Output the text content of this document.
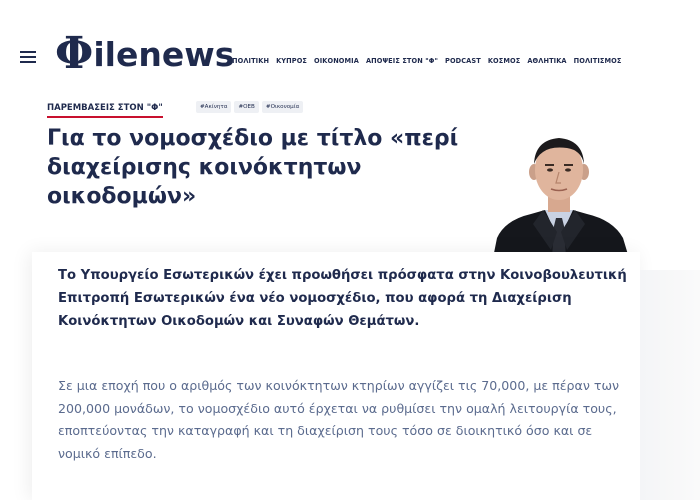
Φ ilenews
ΠΟΛΙΤΙΚΗ ΚΥΠΡΟΣ ΟΙΚΟΝΟΜΙΑ ΑΠΟΨΕΙΣ ΣΤΟΝ "Φ" PODCAST ΚΟΣΜΟΣ ΑΘΛΗΤΙΚΑ ΠΟΛΙΤΙΣΜΟΣ
ΠΑΡΕΜΒΑΣΕΙΣ ΣΤΟΝ "Φ"	#Ακίνητα	#ΟΕΒ	#Οικονομία
Για το νομοσχέδιο με τίτλο «περί διαχείρισης κοινόκτητων οικοδομών»

Το Υπουργείο Εσωτερικών έχει προωθήσει πρόσφατα στην Κοινοβουλευτική Επιτροπή Εσωτερικών ένα νέο νομοσχέδιο, που αφορά τη Διαχείριση Κοινόκτητων Οικοδομών και Συναφών Θεμάτων.

Σε μια εποχή που ο αριθμός των κοινόκτητων κτηρίων αγγίζει τις 70,000, με πέραν των 200,000 μονάδων, το νομοσχέδιο αυτό έρχεται να ρυθμίσει την ομαλή λειτουργία τους, εποπτεύοντας την καταγραφή και τη διαχείριση τους τόσο σε διοικητικό όσο και σε νομικό επίπεδο.
